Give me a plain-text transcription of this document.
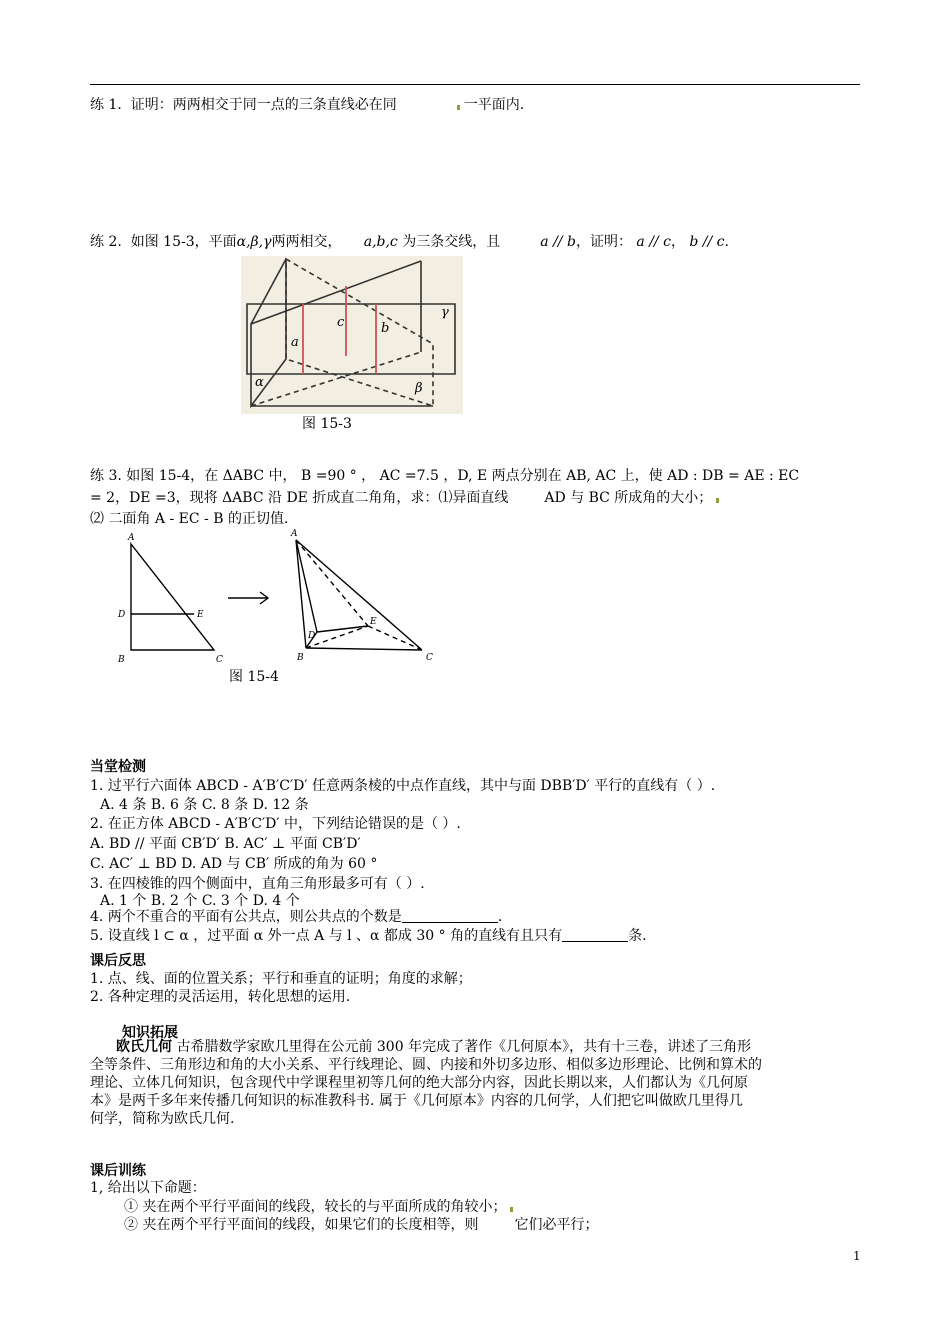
练 1. 证明：两两相交于同一点的三条直线必在同	一平面内.
练 2. 如图 15-3，平面α,β,γ两两相交， a,b,c 为三条交线，且	a // b，证明： a // c， b // c.
a
c	b
α	β
γ
图 15-3
练 3. 如图 15-4，在 ΔABC 中， B =90 ° ， AC =7.5 ，D, E 两点分别在 AB, AC 上，使 AD : DB = AE : EC
= 2，DE =3，现将 ΔABC 沿 DE 折成直二角角，求：⑴异面直线	AD 与 BC 所成角的大小；
⑵ 二面角 A - EC - B 的正切值.
A
D	E
B	C
A
D
E
B	C
图 15-4
当堂检测
1. 过平行六面体 ABCD - A′B′C′D′ 任意两条棱的中点作直线，其中与面 DBB′D′ 平行的直线有（ ）.
A. 4 条 B. 6 条 C. 8 条 D. 12 条
2. 在正方体 ABCD - A′B′C′D′ 中，下列结论错误的是（ ）.
A. BD // 平面 CB′D′ B. AC′ ⊥ 平面 CB′D′
C. AC′ ⊥ BD D. AD 与 CB′ 所成的角为 60 °
3. 在四棱锥的四个侧面中，直角三角形最多可有（ ）.
A. 1 个 B. 2 个 C. 3 个 D. 4 个
4. 两个不重合的平面有公共点，则公共点的个数是	.
5. 设直线 l ⊂ α ，过平面 α 外一点 A 与 l 、α 都成 30 ° 角的直线有且只有	条.
课后反思
1. 点、线、面的位置关系；平行和垂直的证明；角度的求解；
2. 各种定理的灵活运用，转化思想的运用.
知识拓展
欧氏几何 古希腊数学家欧几里得在公元前 300 年完成了著作《几何原本》，共有十三卷，讲述了三角形
全等条件、三角形边和角的大小关系、平行线理论、圆、内接和外切多边形、相似多边形理论、比例和算术的
理论、立体几何知识，包含现代中学课程里初等几何的绝大部分内容，因此长期以来，人们都认为《几何原
本》是两千多年来传播几何知识的标准教科书. 属于《几何原本》内容的几何学，人们把它叫做欧几里得几
何学，简称为欧氏几何.
课后训练
1, 给出以下命题：
① 夹在两个平行平面间的线段，较长的与平面所成的角较小；
② 夹在两个平行平面间的线段，如果它们的长度相等，则	它们必平行；
1
